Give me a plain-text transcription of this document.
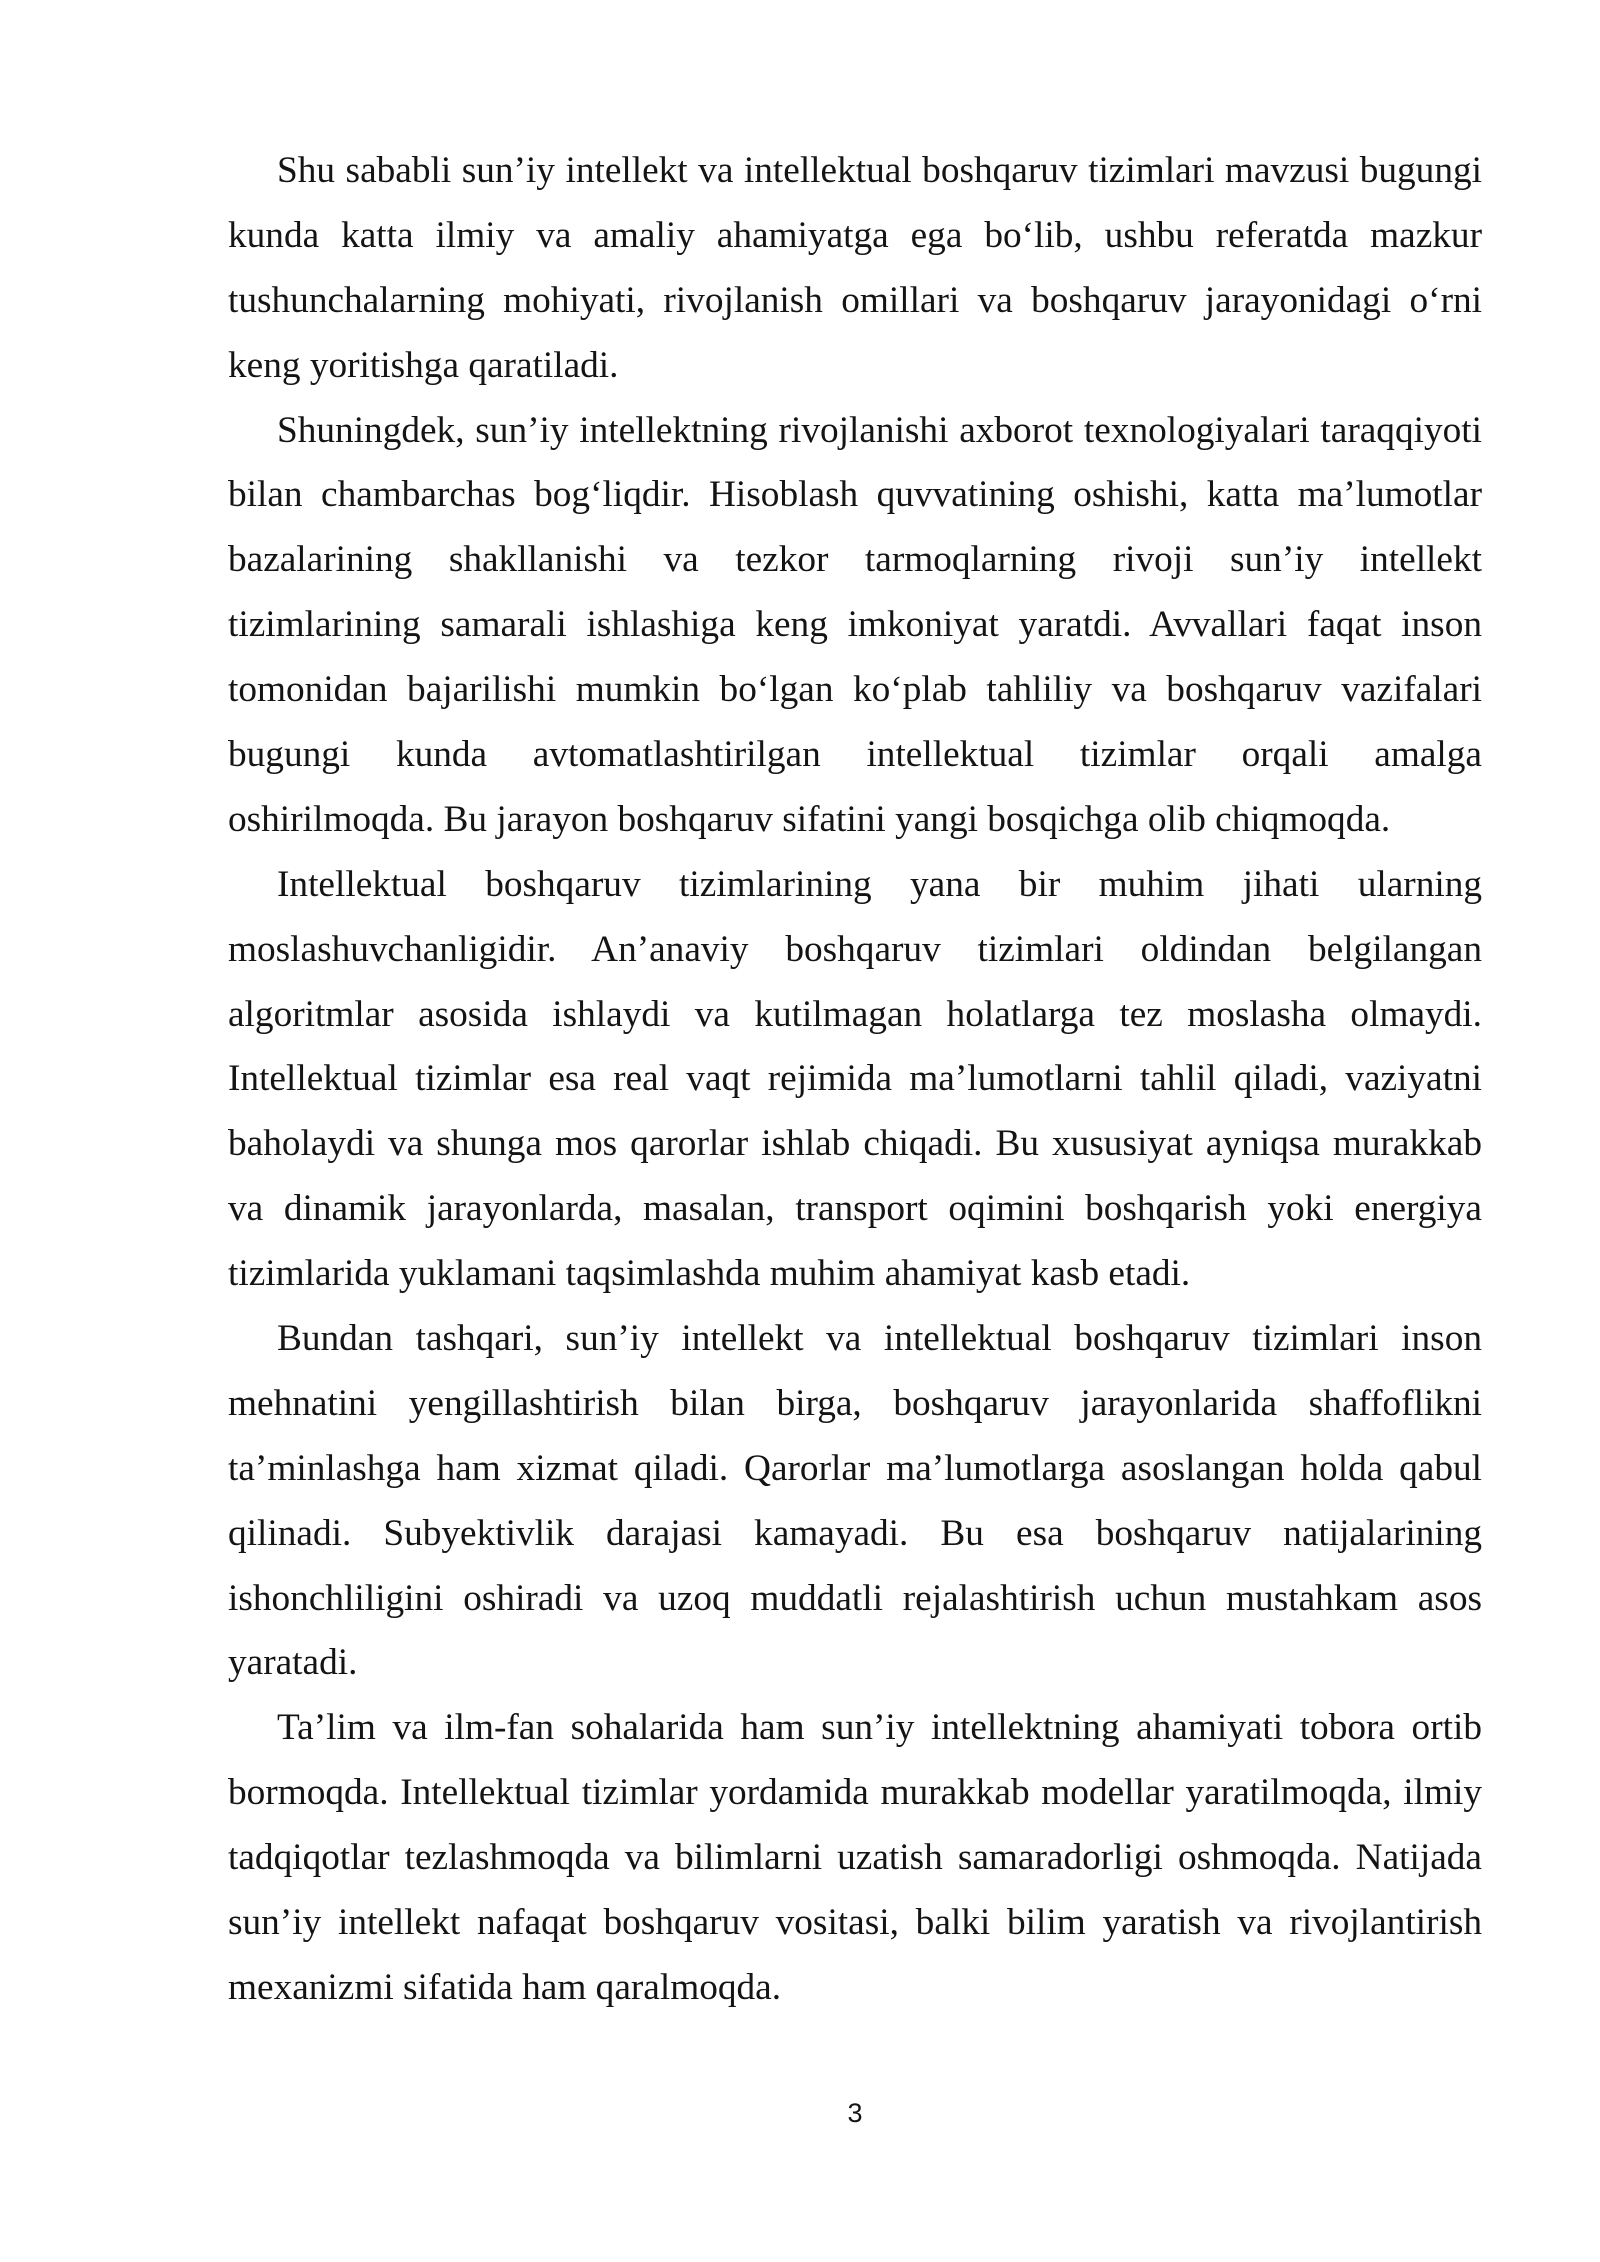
Shu sababli sun’iy intellekt va intellektual boshqaruv tizimlari mavzusi bugungi
kunda katta ilmiy va amaliy ahamiyatga ega bo‘lib, ushbu referatda mazkur
tushunchalarning mohiyati, rivojlanish omillari va boshqaruv jarayonidagi o‘rni
keng yoritishga qaratiladi.
Shuningdek, sun’iy intellektning rivojlanishi axborot texnologiyalari taraqqiyoti
bilan chambarchas bog‘liqdir. Hisoblash quvvatining oshishi, katta ma’lumotlar
bazalarining shakllanishi va tezkor tarmoqlarning rivoji sun’iy intellekt
tizimlarining samarali ishlashiga keng imkoniyat yaratdi. Avvallari faqat inson
tomonidan bajarilishi mumkin bo‘lgan ko‘plab tahliliy va boshqaruv vazifalari
bugungi kunda avtomatlashtirilgan intellektual tizimlar orqali amalga
oshirilmoqda. Bu jarayon boshqaruv sifatini yangi bosqichga olib chiqmoqda.
Intellektual boshqaruv tizimlarining yana bir muhim jihati ularning
moslashuvchanligidir. An’anaviy boshqaruv tizimlari oldindan belgilangan
algoritmlar asosida ishlaydi va kutilmagan holatlarga tez moslasha olmaydi.
Intellektual tizimlar esa real vaqt rejimida ma’lumotlarni tahlil qiladi, vaziyatni
baholaydi va shunga mos qarorlar ishlab chiqadi. Bu xususiyat ayniqsa murakkab
va dinamik jarayonlarda, masalan, transport oqimini boshqarish yoki energiya
tizimlarida yuklamani taqsimlashda muhim ahamiyat kasb etadi.
Bundan tashqari, sun’iy intellekt va intellektual boshqaruv tizimlari inson
mehnatini yengillashtirish bilan birga, boshqaruv jarayonlarida shaffoflikni
ta’minlashga ham xizmat qiladi. Qarorlar ma’lumotlarga asoslangan holda qabul
qilinadi. Subyektivlik darajasi kamayadi. Bu esa boshqaruv natijalarining
ishonchliligini oshiradi va uzoq muddatli rejalashtirish uchun mustahkam asos
yaratadi.
Ta’lim va ilm-fan sohalarida ham sun’iy intellektning ahamiyati tobora ortib
bormoqda. Intellektual tizimlar yordamida murakkab modellar yaratilmoqda, ilmiy
tadqiqotlar tezlashmoqda va bilimlarni uzatish samaradorligi oshmoqda. Natijada
sun’iy intellekt nafaqat boshqaruv vositasi, balki bilim yaratish va rivojlantirish
mexanizmi sifatida ham qaralmoqda.
3
